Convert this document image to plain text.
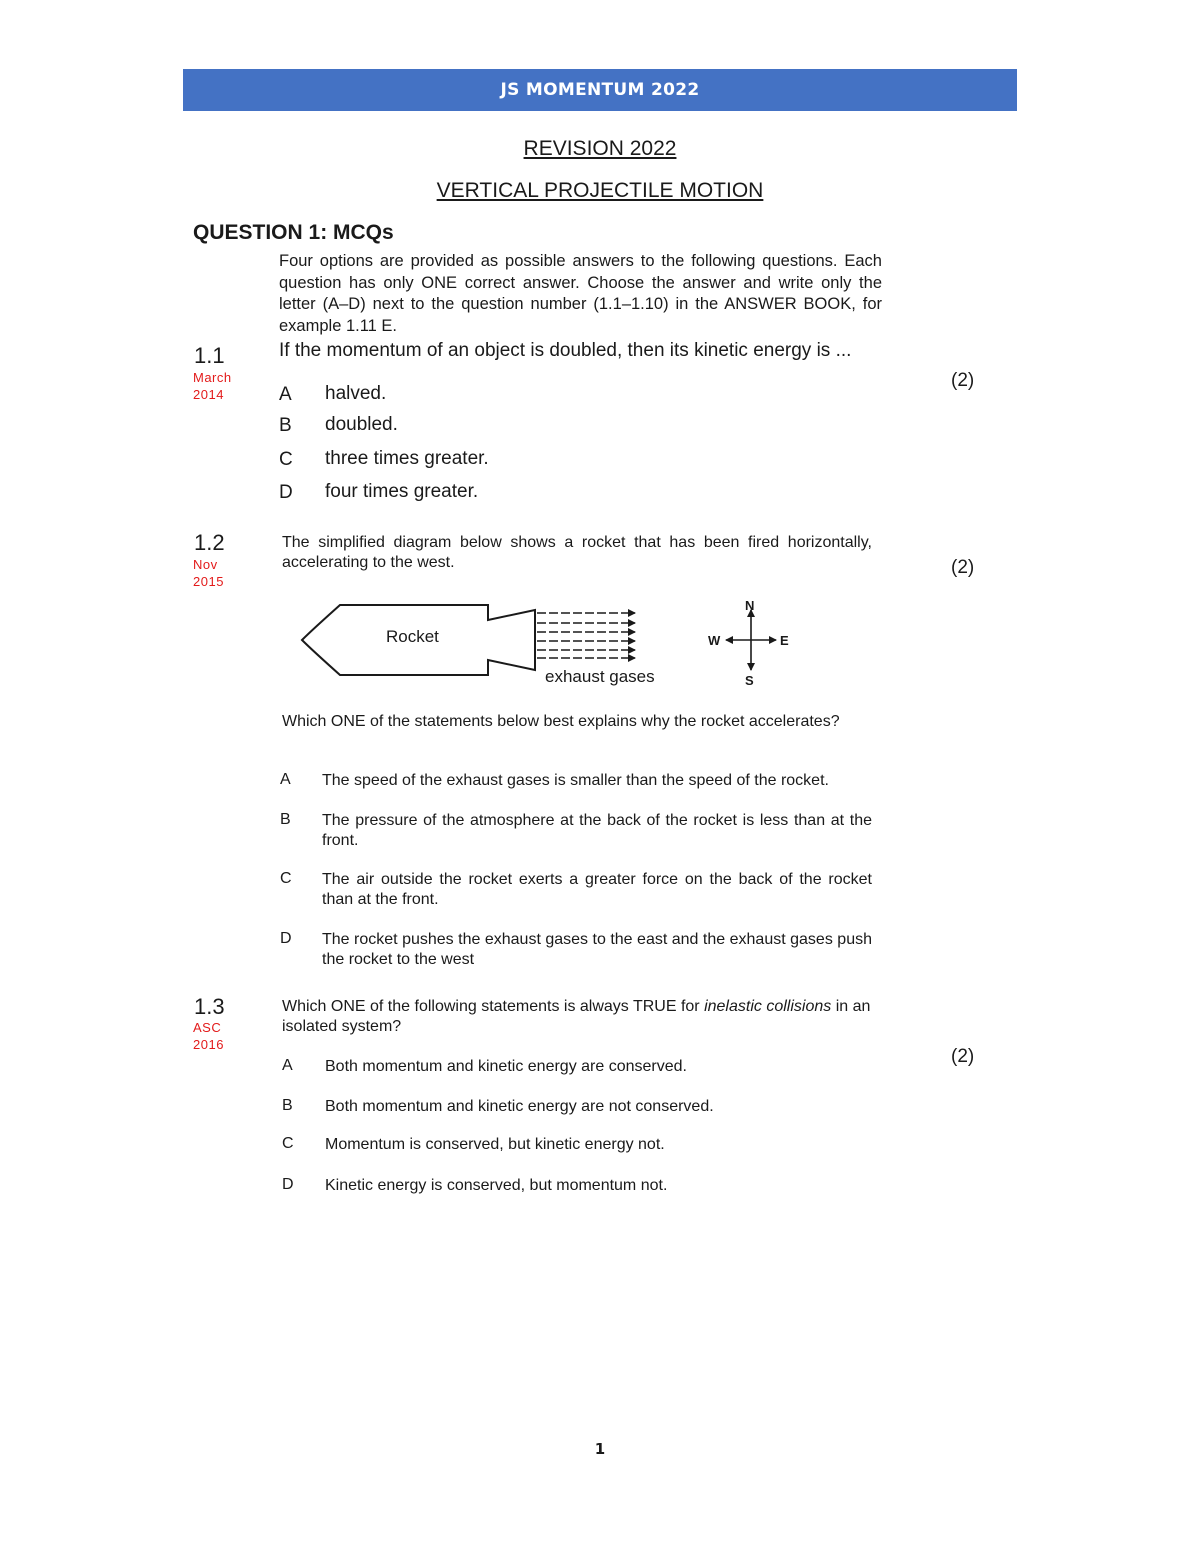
JS MOMENTUM 2022
REVISION 2022
VERTICAL PROJECTILE MOTION
QUESTION 1: MCQs
Four options are provided as possible answers to the following questions. Each question has only ONE correct answer. Choose the answer and write only the letter (A–D) next to the question number (1.1–1.10) in the ANSWER BOOK, for example 1.11 E.
1.1
March
2014
If the momentum of an object is doubled, then its kinetic energy is ...
(2)
A halved.
B doubled.
C three times greater.
D four times greater.
1.2
Nov
2015
The simplified diagram below shows a rocket that has been fired horizontally, accelerating to the west.	(2)
Rocket
exhaust gases
N
S
W	E
Which ONE of the statements below best explains why the rocket accelerates?
A The speed of the exhaust gases is smaller than the speed of the rocket.
B The pressure of the atmosphere at the back of the rocket is less than at the front.
C The air outside the rocket exerts a greater force on the back of the rocket than at the front.
D The rocket pushes the exhaust gases to the east and the exhaust gases push the rocket to the west
1.3
ASC
2016
Which ONE of the following statements is always TRUE for inelastic collisions in an isolated system?
(2)
A Both momentum and kinetic energy are conserved.
B Both momentum and kinetic energy are not conserved.
C Momentum is conserved, but kinetic energy not.
D Kinetic energy is conserved, but momentum not.
1
